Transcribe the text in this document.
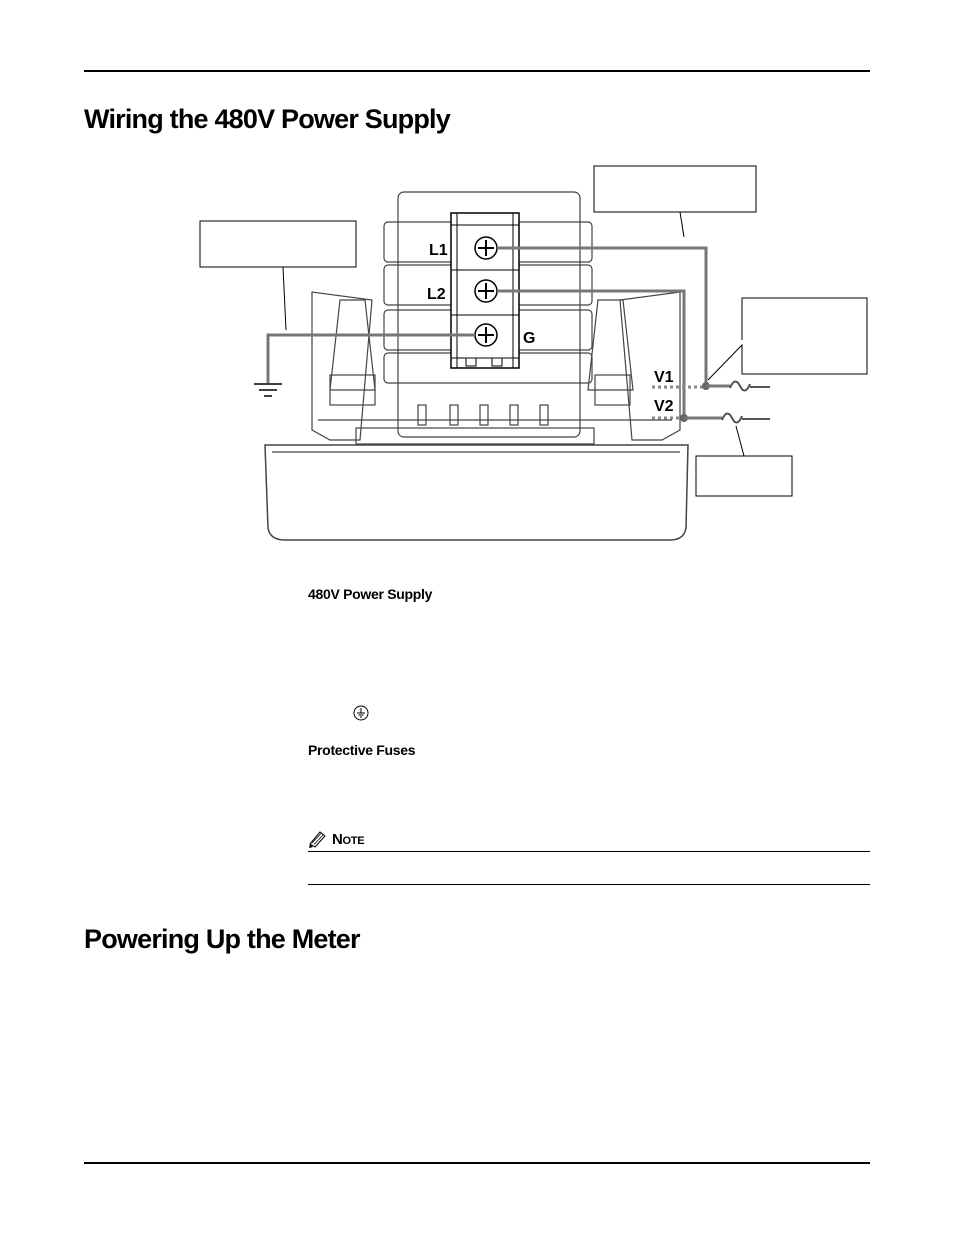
Wiring the 480V Power Supply
L1
L2
G
V1
V2
480V Power Supply
Protective Fuses
NOTE
Powering Up the Meter
